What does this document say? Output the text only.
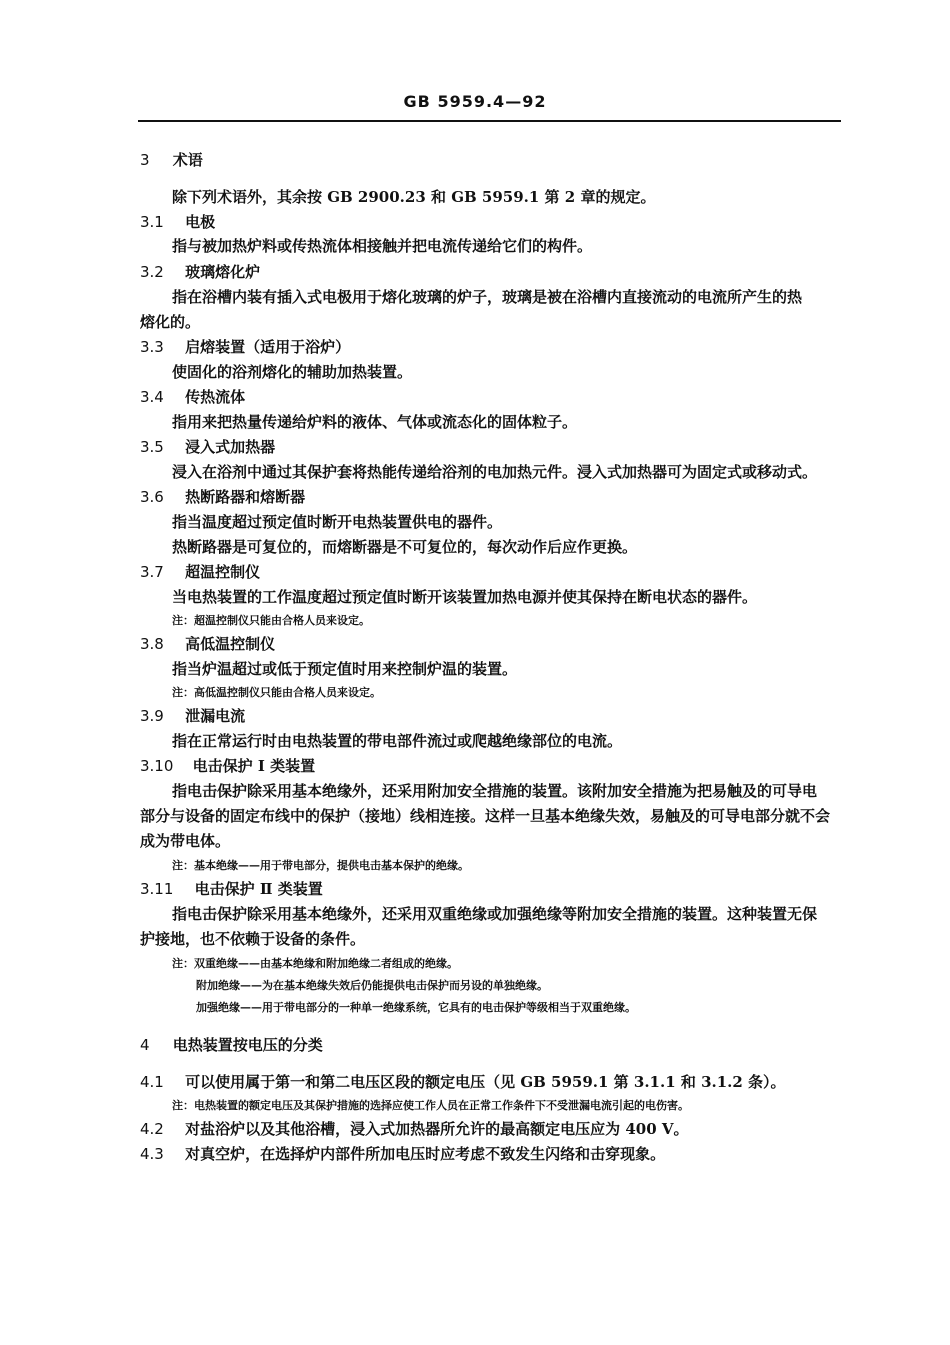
GB 5959.4—92
3 术语
除下列术语外，其余按 GB 2900.23 和 GB 5959.1 第 2 章的规定。
3.1 电极
指与被加热炉料或传热流体相接触并把电流传递给它们的构件。
3.2 玻璃熔化炉
指在浴槽内装有插入式电极用于熔化玻璃的炉子，玻璃是被在浴槽内直接流动的电流所产生的热
熔化的。
3.3 启熔装置（适用于浴炉）
使固化的浴剂熔化的辅助加热装置。
3.4 传热流体
指用来把热量传递给炉料的液体、气体或流态化的固体粒子。
3.5 浸入式加热器
浸入在浴剂中通过其保护套将热能传递给浴剂的电加热元件。浸入式加热器可为固定式或移动式。
3.6 热断路器和熔断器
指当温度超过预定值时断开电热装置供电的器件。
热断路器是可复位的，而熔断器是不可复位的，每次动作后应作更换。
3.7 超温控制仪
当电热装置的工作温度超过预定值时断开该装置加热电源并使其保持在断电状态的器件。
注：超温控制仪只能由合格人员来设定。
3.8 高低温控制仪
指当炉温超过或低于预定值时用来控制炉温的装置。
注：高低温控制仪只能由合格人员来设定。
3.9 泄漏电流
指在正常运行时由电热装置的带电部件流过或爬越绝缘部位的电流。
3.10 电击保护 I 类装置
指电击保护除采用基本绝缘外，还采用附加安全措施的装置。该附加安全措施为把易触及的可导电
部分与设备的固定布线中的保护（接地）线相连接。这样一旦基本绝缘失效，易触及的可导电部分就不会
成为带电体。
注：基本绝缘——用于带电部分，提供电击基本保护的绝缘。
3.11 电击保护 Ⅱ 类装置
指电击保护除采用基本绝缘外，还采用双重绝缘或加强绝缘等附加安全措施的装置。这种装置无保
护接地，也不依赖于设备的条件。
注：双重绝缘——由基本绝缘和附加绝缘二者组成的绝缘。
附加绝缘——为在基本绝缘失效后仍能提供电击保护而另设的单独绝缘。
加强绝缘——用于带电部分的一种单一绝缘系统，它具有的电击保护等级相当于双重绝缘。
4 电热装置按电压的分类
4.1 可以使用属于第一和第二电压区段的额定电压（见 GB 5959.1 第 3.1.1 和 3.1.2 条）。
注：电热装置的额定电压及其保护措施的选择应使工作人员在正常工作条件下不受泄漏电流引起的电伤害。
4.2 对盐浴炉以及其他浴槽，浸入式加热器所允许的最高额定电压应为 400 V。
4.3 对真空炉，在选择炉内部件所加电压时应考虑不致发生闪络和击穿现象。
